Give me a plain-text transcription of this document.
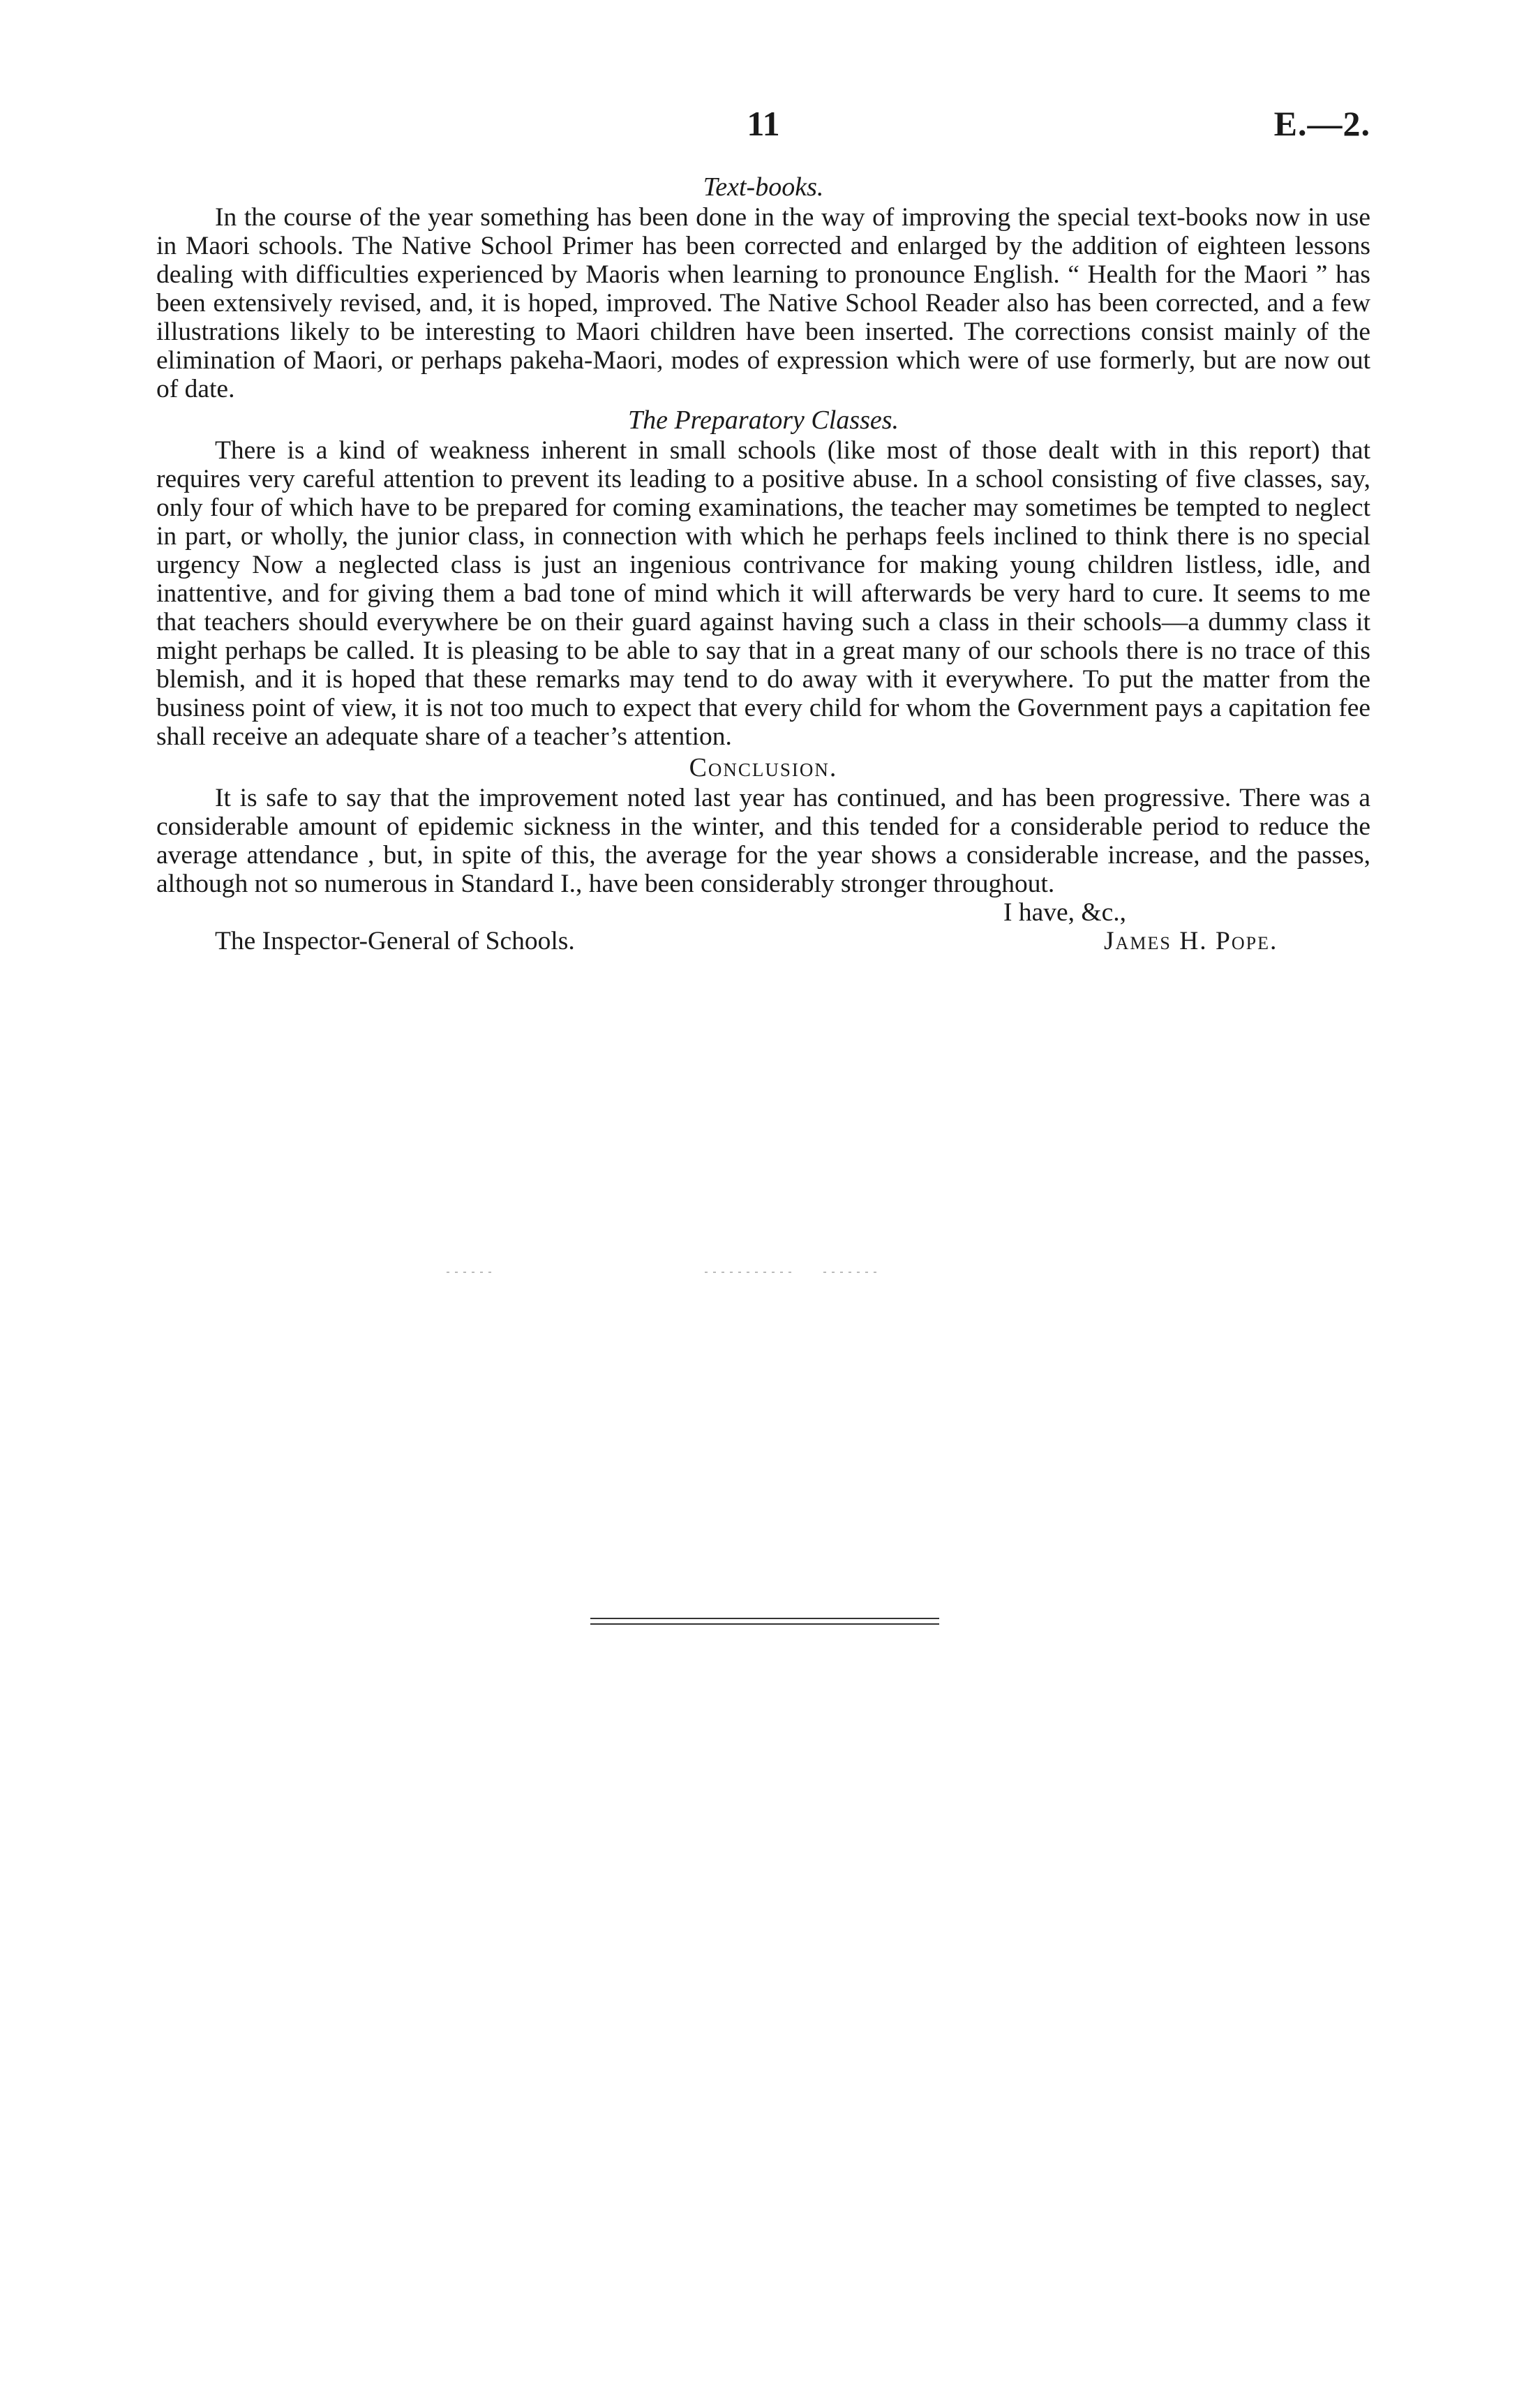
11	E.—2.
Text-books.

In the course of the year something has been done in the way of improving the special text-books now in use in Maori schools. The Native School Primer has been corrected and enlarged by the addition of eighteen lessons dealing with difficulties experienced by Maoris when learning to pronounce English. “ Health for the Maori ” has been extensively revised, and, it is hoped, improved. The Native School Reader also has been corrected, and a few illustrations likely to be interesting to Maori children have been inserted. The corrections consist mainly of the elimination of Maori, or perhaps pakeha-Maori, modes of expression which were of use formerly, but are now out of date.

The Preparatory Classes.

There is a kind of weakness inherent in small schools (like most of those dealt with in this report) that requires very careful attention to prevent its leading to a positive abuse. In a school consisting of five classes, say, only four of which have to be prepared for coming examinations, the teacher may sometimes be tempted to neglect in part, or wholly, the junior class, in connection with which he perhaps feels inclined to think there is no special urgency Now a neglected class is just an ingenious contrivance for making young children listless, idle, and inattentive, and for giving them a bad tone of mind which it will afterwards be very hard to cure. It seems to me that teachers should everywhere be on their guard against having such a class in their schools—a dummy class it might perhaps be called. It is pleasing to be able to say that in a great many of our schools there is no trace of this blemish, and it is hoped that these remarks may tend to do away with it everywhere. To put the matter from the business point of view, it is not too much to expect that every child for whom the Government pays a capitation fee shall receive an adequate share of a teacher’s attention.

Conclusion.

It is safe to say that the improvement noted last year has continued, and has been progressive. There was a considerable amount of epidemic sickness in the winter, and this tended for a considerable period to reduce the average attendance , but, in spite of this, the average for the year shows a considerable increase, and the passes, although not so numerous in Standard I., have been considerably stronger throughout.

I have, &c.,
The Inspector-General of Schools.	James H. Pope.
